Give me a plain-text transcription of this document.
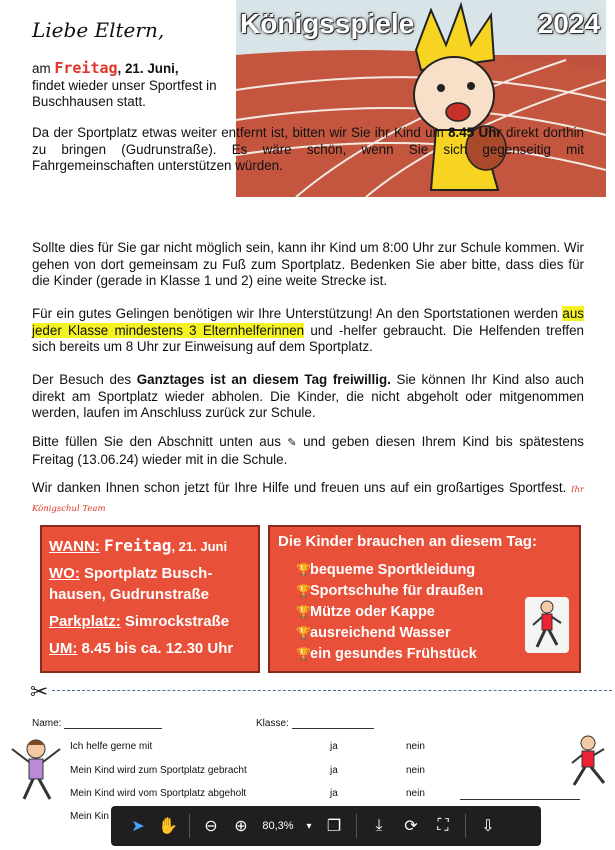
Liebe Eltern,	Königsspiele	2024
am Freitag, 21. Juni,
findet wieder unser Sportfest in Buschhausen statt.
Da der Sportplatz etwas weiter entfernt ist, bitten wir Sie ihr Kind um 8.45 Uhr direkt dorthin zu bringen (Gudrunstraße). Es wäre schön, wenn Sie sich gegenseitig mit Fahrgemeinschaften unterstützen würden.
Sollte dies für Sie gar nicht möglich sein, kann ihr Kind um 8:00 Uhr zur Schule kommen. Wir gehen von dort gemeinsam zu Fuß zum Sportplatz. Bedenken Sie aber bitte, dass dies für die Kinder (gerade in Klasse 1 und 2) eine weite Strecke ist.
Für ein gutes Gelingen benötigen wir Ihre Unterstützung! An den Sportstationen werden aus jeder Klasse mindestens 3 Elternhelferinnen und -helfer gebraucht. Die Helfenden treffen sich bereits um 8 Uhr zur Einweisung auf dem Sportplatz.
Der Besuch des Ganztages ist an diesem Tag freiwillig. Sie können Ihr Kind also auch direkt am Sportplatz wieder abholen. Die Kinder, die nicht abgeholt oder mitgenommen werden, laufen im Anschluss zurück zur Schule.
Bitte füllen Sie den Abschnitt unten aus ✎ und geben diesen Ihrem Kind bis spätestens Freitag (13.06.24) wieder mit in die Schule.
Wir danken Ihnen schon jetzt für Ihre Hilfe und freuen uns auf ein großartiges Sportfest. Ihr Königschul Team
WANN: Freitag, 21. Juni
WO: Sportplatz Busch-hausen, Gudrunstraße
Parkplatz: Simrockstraße
UM: 8.45 bis ca. 12.30 Uhr
Die Kinder brauchen an diesem Tag:
🏆bequeme Sportkleidung
🏆Sportschuhe für draußen
🏆Mütze oder Kappe
🏆ausreichend Wasser
🏆ein gesundes Frühstück
✂
Name:	Klasse:
Ich helfe gerne mit	ja	nein
Mein Kind wird zum Sportplatz gebracht	ja	nein
Mein Kind wird vom Sportplatz abgeholt	ja	nein
Mein Kin
➤ ✋	⊖	⊕	80,3%	▾ ❐	⤓	⟳	⛶	⇩
